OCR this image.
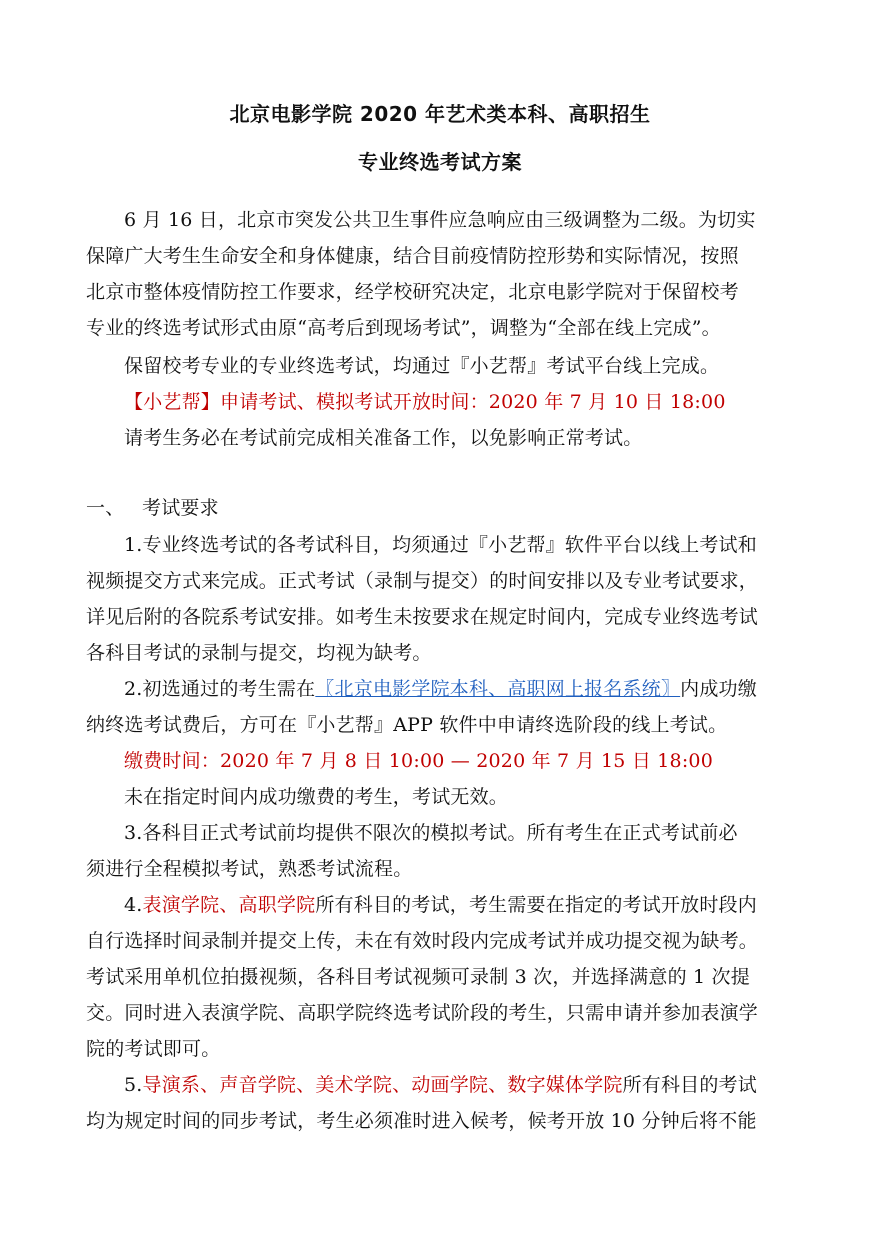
北京电影学院 2020 年艺术类本科、高职招生
专业终选考试方案
6 月 16 日，北京市突发公共卫生事件应急响应由三级调整为二级。为切实
保障广大考生生命安全和身体健康，结合目前疫情防控形势和实际情况，按照
北京市整体疫情防控工作要求，经学校研究决定，北京电影学院对于保留校考
专业的终选考试形式由原“高考后到现场考试”，调整为“全部在线上完成”。
保留校考专业的专业终选考试，均通过『小艺帮』考试平台线上完成。
【小艺帮】申请考试、模拟考试开放时间：2020 年 7 月 10 日 18:00
请考生务必在考试前完成相关准备工作，以免影响正常考试。
一、 考试要求
1.专业终选考试的各考试科目，均须通过『小艺帮』软件平台以线上考试和
视频提交方式来完成。正式考试（录制与提交）的时间安排以及专业考试要求，
详见后附的各院系考试安排。如考生未按要求在规定时间内，完成专业终选考试
各科目考试的录制与提交，均视为缺考。
2.初选通过的考生需在〖北京电影学院本科、高职网上报名系统〗内成功缴
纳终选考试费后，方可在『小艺帮』APP 软件中申请终选阶段的线上考试。
缴费时间：2020 年 7 月 8 日 10:00 — 2020 年 7 月 15 日 18:00
未在指定时间内成功缴费的考生，考试无效。
3.各科目正式考试前均提供不限次的模拟考试。所有考生在正式考试前必
须进行全程模拟考试，熟悉考试流程。
4.表演学院、高职学院所有科目的考试，考生需要在指定的考试开放时段内
自行选择时间录制并提交上传，未在有效时段内完成考试并成功提交视为缺考。
考试采用单机位拍摄视频，各科目考试视频可录制 3 次，并选择满意的 1 次提
交。同时进入表演学院、高职学院终选考试阶段的考生，只需申请并参加表演学
院的考试即可。
5.导演系、声音学院、美术学院、动画学院、数字媒体学院所有科目的考试
均为规定时间的同步考试，考生必须准时进入候考，候考开放 10 分钟后将不能
